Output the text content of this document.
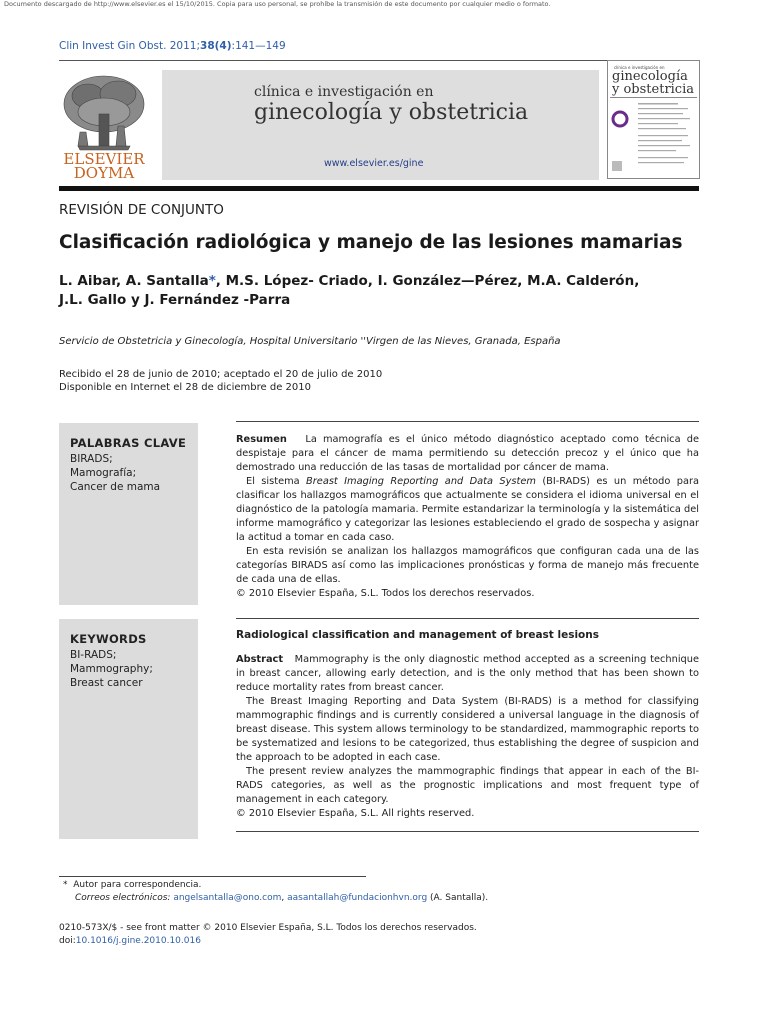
Documento descargado de http://www.elsevier.es el 15/10/2015. Copia para uso personal, se prohíbe la transmisión de este documento por cualquier medio o formato.
Clin Invest Gin Obst. 2011;38(4):141—149
ELSEVIER
DOYMA
clínica e investigación en
ginecología y obstetricia
www.elsevier.es/gine
clínica e investigación en
ginecología
y obstetricia
REVISIÓN DE CONJUNTO
Clasificación radiológica y manejo de las lesiones mamarias
L. Aibar, A. Santalla*, M.S. López- Criado, I. González—Pérez, M.A. Calderón,
J.L. Gallo y J. Fernández -Parra
Servicio de Obstetricia y Ginecología, Hospital Universitario ''Virgen de las Nieves, Granada, España
Recibido el 28 de junio de 2010; aceptado el 20 de julio de 2010
Disponible en Internet el 28 de diciembre de 2010
PALABRAS CLAVE
BIRADS;
Mamografía;
Cancer de mama

Resumen La mamografía es el único método diagnóstico aceptado como técnica de despistaje para el cáncer de mama permitiendo su detección precoz y el único que ha demostrado una reducción de las tasas de mortalidad por cáncer de mama.

El sistema Breast Imaging Reporting and Data System (BI-RADS) es un método para clasificar los hallazgos mamográficos que actualmente se considera el idioma universal en el diagnóstico de la patología mamaria. Permite estandarizar la terminología y la sistemática del informe mamográfico y categorizar las lesiones estableciendo el grado de sospecha y asignar la actitud a tomar en cada caso.

En esta revisión se analizan los hallazgos mamográficos que configuran cada una de las categorías BIRADS así como las implicaciones pronósticas y forma de manejo más frecuente de cada una de ellas.

© 2010 Elsevier España, S.L. Todos los derechos reservados.

KEYWORDS
BI-RADS;
Mammography;
Breast cancer

Radiological classification and management of breast lesions

Abstract Mammography is the only diagnostic method accepted as a screening technique in breast cancer, allowing early detection, and is the only method that has been shown to reduce mortality rates from breast cancer.

The Breast Imaging Reporting and Data System (BI-RADS) is a method for classifying mammographic findings and is currently considered a universal language in the diagnosis of breast disease. This system allows terminology to be standardized, mammographic reports to be systematized and lesions to be categorized, thus establishing the degree of suspicion and the approach to be adopted in each case.

The present review analyzes the mammographic findings that appear in each of the BI-RADS categories, as well as the prognostic implications and most frequent type of management in each category.

© 2010 Elsevier España, S.L. All rights reserved.

* Autor para correspondencia.
Correos electrónicos: angelsantalla@ono.com, aasantallah@fundacionhvn.org (A. Santalla).
0210-573X/$ - see front matter © 2010 Elsevier España, S.L. Todos los derechos reservados.
doi:10.1016/j.gine.2010.10.016
